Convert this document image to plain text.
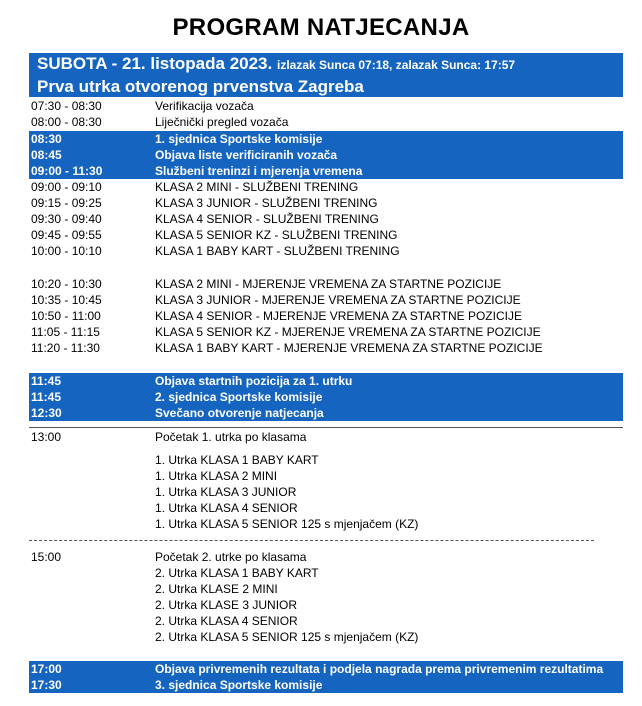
PROGRAM NATJECANJA
SUBOTA - 21. listopada 2023. izlazak Sunca 07:18, zalazak Sunca: 17:57
Prva utrka otvorenog prvenstva Zagreba
07:30 - 08:30	Verifikacija vozača
08:00 - 08:30	Liječnički pregled vozača
08:30	1. sjednica Sportske komisije
08:45	Objava liste verificiranih vozača
09:00 - 11:30	Službeni treninzi i mjerenja vremena
09:00 - 09:10	KLASA 2 MINI - SLUŽBENI TRENING
09:15 - 09:25	KLASA 3 JUNIOR - SLUŽBENI TRENING
09:30 - 09:40	KLASA 4 SENIOR - SLUŽBENI TRENING
09:45 - 09:55	KLASA 5 SENIOR KZ - SLUŽBENI TRENING
10:00 - 10:10	KLASA 1 BABY KART - SLUŽBENI TRENING
10:20 - 10:30	KLASA 2 MINI - MJERENJE VREMENA ZA STARTNE POZICIJE
10:35 - 10:45	KLASA 3 JUNIOR - MJERENJE VREMENA ZA STARTNE POZICIJE
10:50 - 11:00	KLASA 4 SENIOR - MJERENJE VREMENA ZA STARTNE POZICIJE
11:05 - 11:15	KLASA 5 SENIOR KZ - MJERENJE VREMENA ZA STARTNE POZICIJE
11:20 - 11:30	KLASA 1 BABY KART - MJERENJE VREMENA ZA STARTNE POZICIJE
11:45	Objava startnih pozicija za 1. utrku
11:45	2. sjednica Sportske komisije
12:30	Svečano otvorenje natjecanja
13:00	Početak 1. utrka po klasama
1. Utrka KLASA 1 BABY KART
1. Utrka KLASA 2 MINI
1. Utrka KLASA 3 JUNIOR
1. Utrka KLASA 4 SENIOR
1. Utrka KLASA 5 SENIOR 125 s mjenjačem (KZ)
15:00	Početak 2. utrke po klasama
2. Utrka KLASA 1 BABY KART
2. Utrka KLASE 2 MINI
2. Utrka KLASE 3 JUNIOR
2. Utrka KLASA 4 SENIOR
2. Utrka KLASA 5 SENIOR 125 s mjenjačem (KZ)
17:00	Objava privremenih rezultata i podjela nagrada prema privremenim rezultatima
17:30	3. sjednica Sportske komisije
